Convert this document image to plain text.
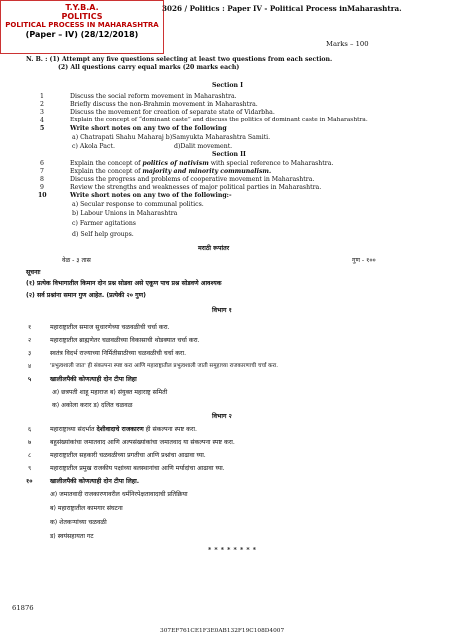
T.Y.B.A.
POLITICS
POLITICAL PROCESS IN MAHARASHTRA
(Paper – IV) (28/12/2018)
3026 / Politics : Paper IV - Political Process inMaharashtra.
Marks – 100
N. B. : (1) Attempt any five questions selecting at least two questions from each section.
(2) All questions carry equal marks (20 marks each)
Section I
1	Discuss the social reform movement in Maharashtra.
2	Briefly discuss the non-Brahmin movement in Maharashtra.
3	Discuss the movement for creation of separate state of Vidarbha.
4	Explain the concept of “dominant caste” and discuss the politics of dominant caste in Maharashtra.
5	Write short notes on any two of the following
a) Chatrapati Shahu Maharaj b)Samyukta Maharashtra Samiti.
c) Akola Pact.	d)Dalit movement.
Section II
6	Explain the concept of politics of nativism with special reference to Maharashtra.
7	Explain the concept of majority and minority communalism.
8	Discuss the progress and problems of cooperative movement in Maharashtra.
9	Review the strengths and weaknesses of major political parties in Maharashtra.
10	Write short notes on any two of the following:-
a) Secular response to communal politics.
b) Labour Unions in Maharashtra
c) Farmer agitations
d) Self help groups.
मराठी रूपांतर
वेळ - ३ तास	गुण - १००
सूचनाः
(१) प्रत्येक विभागातील किमान दोन प्रश्न सोडवा असे एकूण पाच प्रश्न सोडवणे आवश्यक
(२) सर्व प्रश्नांना समान गुण आहेत. (प्रत्येकी २० गुण)
विभाग १
१	महाराष्ट्रातील समाज सुधारणेच्या चळवळीची चर्चा करा.
२	महाराष्ट्रातील ब्राह्मणेतर चळवळीच्या विकासाची थोडक्यात चर्चा करा.
३	स्वतंत्र विदर्भ राज्याच्या निर्मितीसाठीच्या चळवळीची चर्चा करा.
४	'प्रभुत्वशाली जात' ही संकल्पना स्पष्ट करा आणि महाराष्ट्रातील प्रभुत्वशाली जाती समूहाच्या राजकारणाची चर्चा करा.
५	खालीलपैकी कोणत्याही दोन टीपा लिहा
अ) छत्रपती शाहू महाराज ब) संयुक्त महाराष्ट्र समिती
क) अकोला करार ड) दलित चळवळ
विभाग २
६	महाराष्ट्राच्या संदर्भात देशीवादाचे राजकारण ही संकल्पना स्पष्ट करा.
७	बहुसंख्यांकांचा जमातवाद आणि अल्पसंख्यांकांचा जमातवाद या संकल्पना स्पष्ट करा.
८	महाराष्ट्रातील सहकारी चळवळीच्या प्रगतीचा आणि प्रश्नांचा आढावा घ्या.
९	महाराष्ट्रातील प्रमुख राजकीय पक्षांच्या बलस्थानांचा आणि मर्यादांचा आढावा घ्या.
१०	खालीलपैकी कोणत्याही दोन टीपा लिहा.
अ) जमातवादी राजकारणावरील धर्मनिरपेक्षतावादाची प्रतिक्रिया
ब) महाराष्ट्रातील कामगार संघटना
क) शेतकऱ्यांच्या चळवळी
ड) स्वयंसहायता गट
* * * * * * * *
61876
307EF761CE1F3E0AB132F19C108D4007
